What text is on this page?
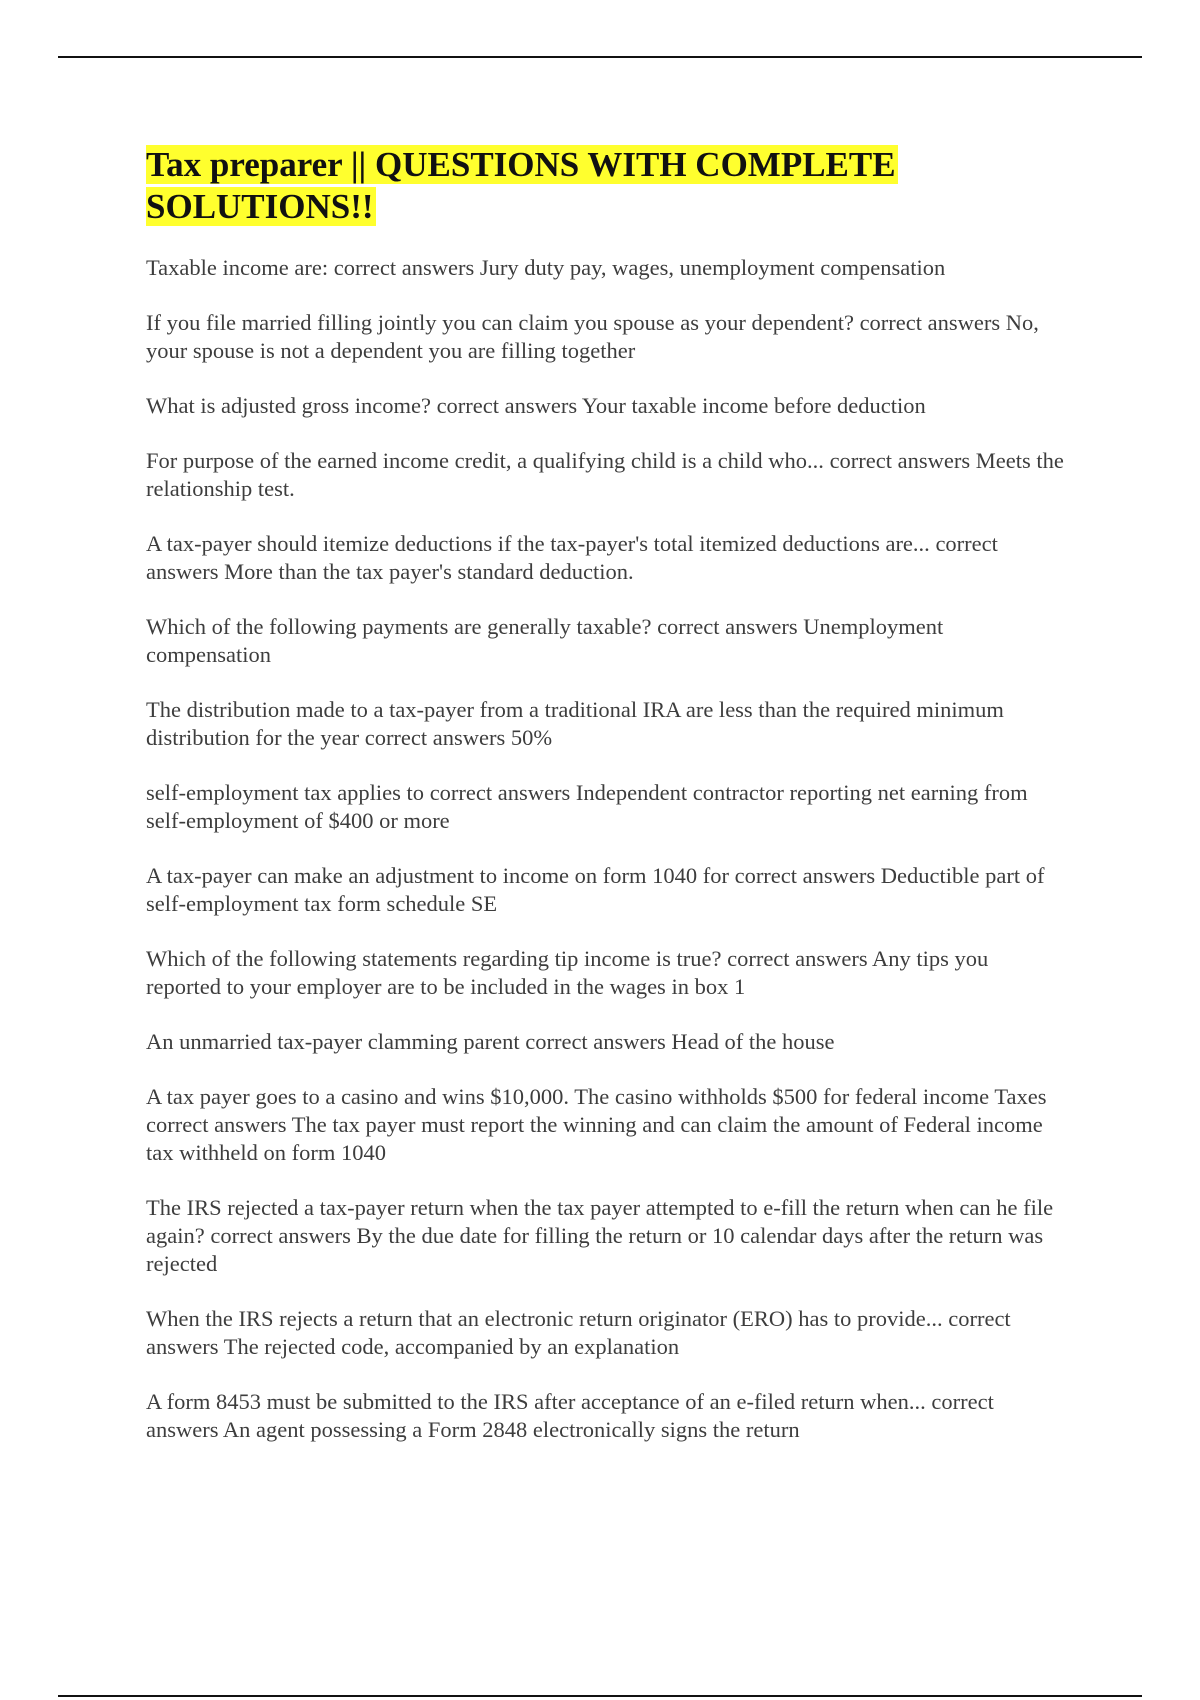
Tax preparer || QUESTIONS WITH COMPLETE SOLUTIONS!!

Taxable income are: correct answers Jury duty pay, wages, unemployment compensation

If you file married filling jointly you can claim you spouse as your dependent? correct answers No, your spouse is not a dependent you are filling together

What is adjusted gross income? correct answers Your taxable income before deduction

For purpose of the earned income credit, a qualifying child is a child who... correct answers Meets the relationship test.

A tax-payer should itemize deductions if the tax-payer's total itemized deductions are... correct answers More than the tax payer's standard deduction.

Which of the following payments are generally taxable? correct answers Unemployment compensation

The distribution made to a tax-payer from a traditional IRA are less than the required minimum distribution for the year correct answers 50%

self-employment tax applies to correct answers Independent contractor reporting net earning from self-employment of $400 or more

A tax-payer can make an adjustment to income on form 1040 for correct answers Deductible part of self-employment tax form schedule SE

Which of the following statements regarding tip income is true? correct answers Any tips you reported to your employer are to be included in the wages in box 1

An unmarried tax-payer clamming parent correct answers Head of the house

A tax payer goes to a casino and wins $10,000. The casino withholds $500 for federal income Taxescorrect answers The tax payer must report the winning and can claim the amount of Federal income tax withheld on form 1040

The IRS rejected a tax-payer return when the tax payer attempted to e-fill the return when can he file again? correct answers By the due date for filling the return or 10 calendar days after the return was rejected

When the IRS rejects a return that an electronic return originator (ERO) has to provide... correct answers The rejected code, accompanied by an explanation

A form 8453 must be submitted to the IRS after acceptance of an e-filed return when... correct answers An agent possessing a Form 2848 electronically signs the return
